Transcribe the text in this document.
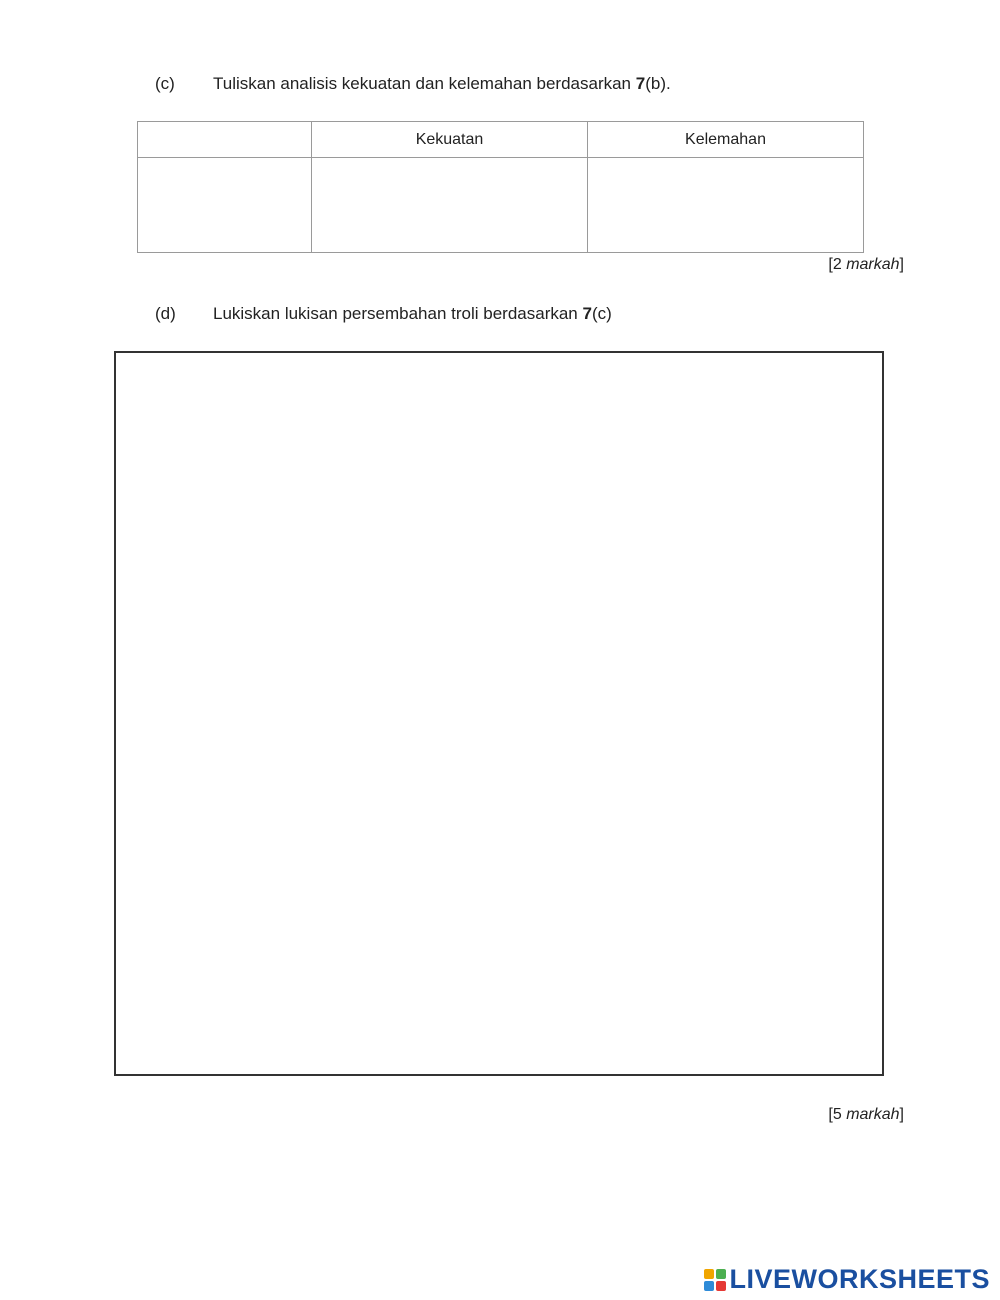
(c) Tuliskan analisis kekuatan dan kelemahan berdasarkan 7(b).
	Kekuatan	Kelemahan

[2 markah]
(d) Lukiskan lukisan persembahan troli berdasarkan 7(c)
[5 markah]
LIVEWORKSHEETS
